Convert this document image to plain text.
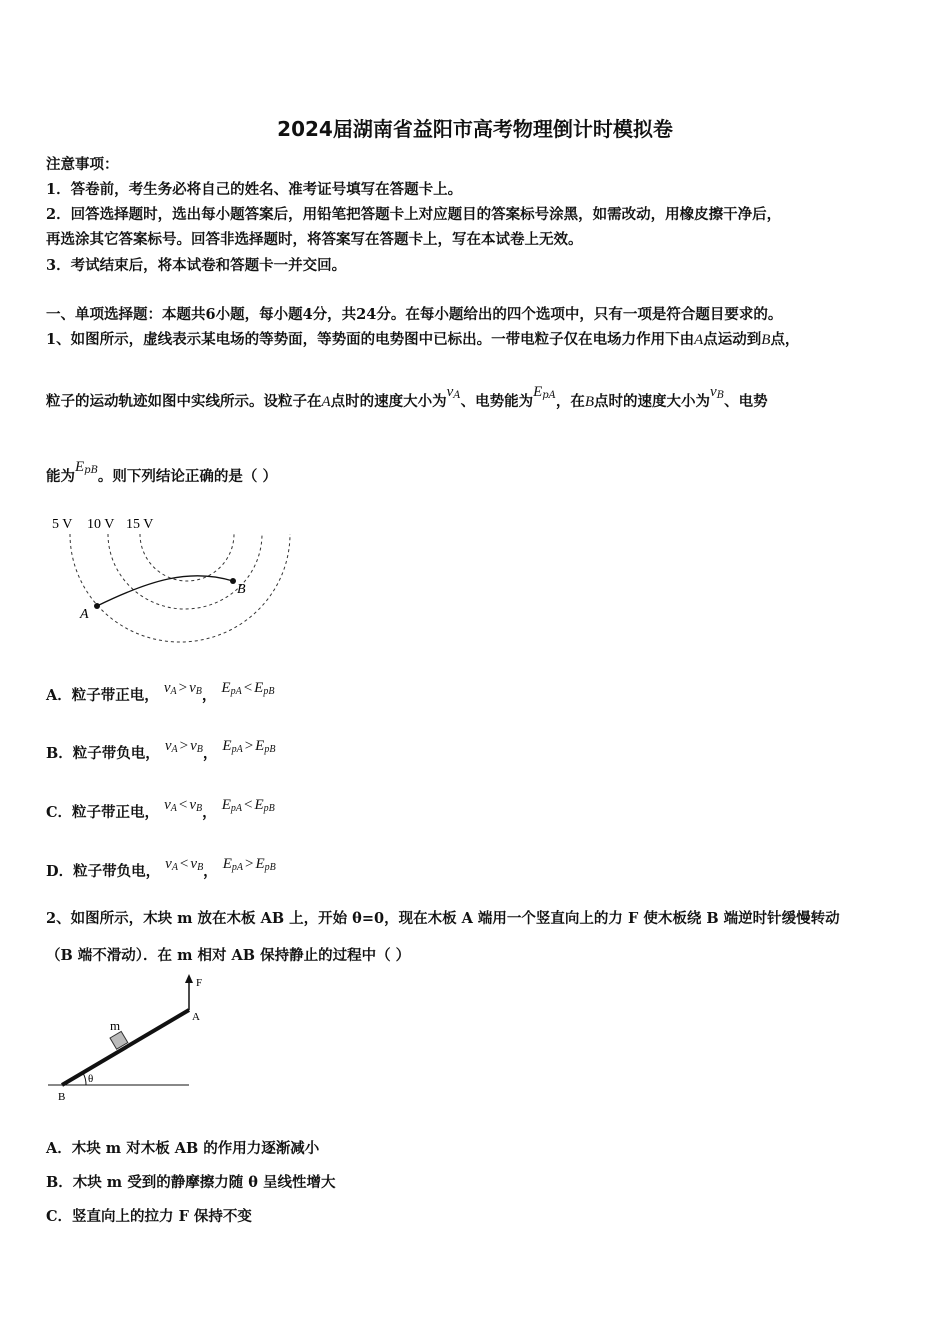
2024届湖南省益阳市高考物理倒计时模拟卷
注意事项：
1．答卷前，考生务必将自己的姓名、准考证号填写在答题卡上。
2．回答选择题时，选出每小题答案后，用铅笔把答题卡上对应题目的答案标号涂黑，如需改动，用橡皮擦干净后，
再选涂其它答案标号。回答非选择题时，将答案写在答题卡上，写在本试卷上无效。
3．考试结束后，将本试卷和答题卡一并交回。
一、单项选择题：本题共6小题，每小题4分，共24分。在每小题给出的四个选项中，只有一项是符合题目要求的。
1、如图所示，虚线表示某电场的等势面，等势面的电势图中已标出。一带电粒子仅在电场力作用下由A点运动到B点，
粒子的运动轨迹如图中实线所示。设粒子在A点时的速度大小为$v_A$、电势能为$E_{pA}$，在B点时的速度大小为$v_B$、电势
能为$E_{pB}$。则下列结论正确的是（ ）
5 V 10 V 15 V
A
B
A．粒子带正电， $v_A > v_B$， $E_{pA} < E_{pB}$
B．粒子带负电， $v_A > v_B$， $E_{pA} > E_{pB}$
C．粒子带正电， $v_A < v_B$， $E_{pA} < E_{pB}$
D．粒子带负电， $v_A < v_B$， $E_{pA} > E_{pB}$
2、如图所示，木块 m 放在木板 AB 上，开始 θ=0，现在木板 A 端用一个竖直向上的力 F 使木板绕 B 端逆时针缓慢转动
（B 端不滑动）．在 m 相对 AB 保持静止的过程中（ ）
F
A
m
θ
B
A．木块 m 对木板 AB 的作用力逐渐减小
B．木块 m 受到的静摩擦力随 θ 呈线性增大
C．竖直向上的拉力 F 保持不变
